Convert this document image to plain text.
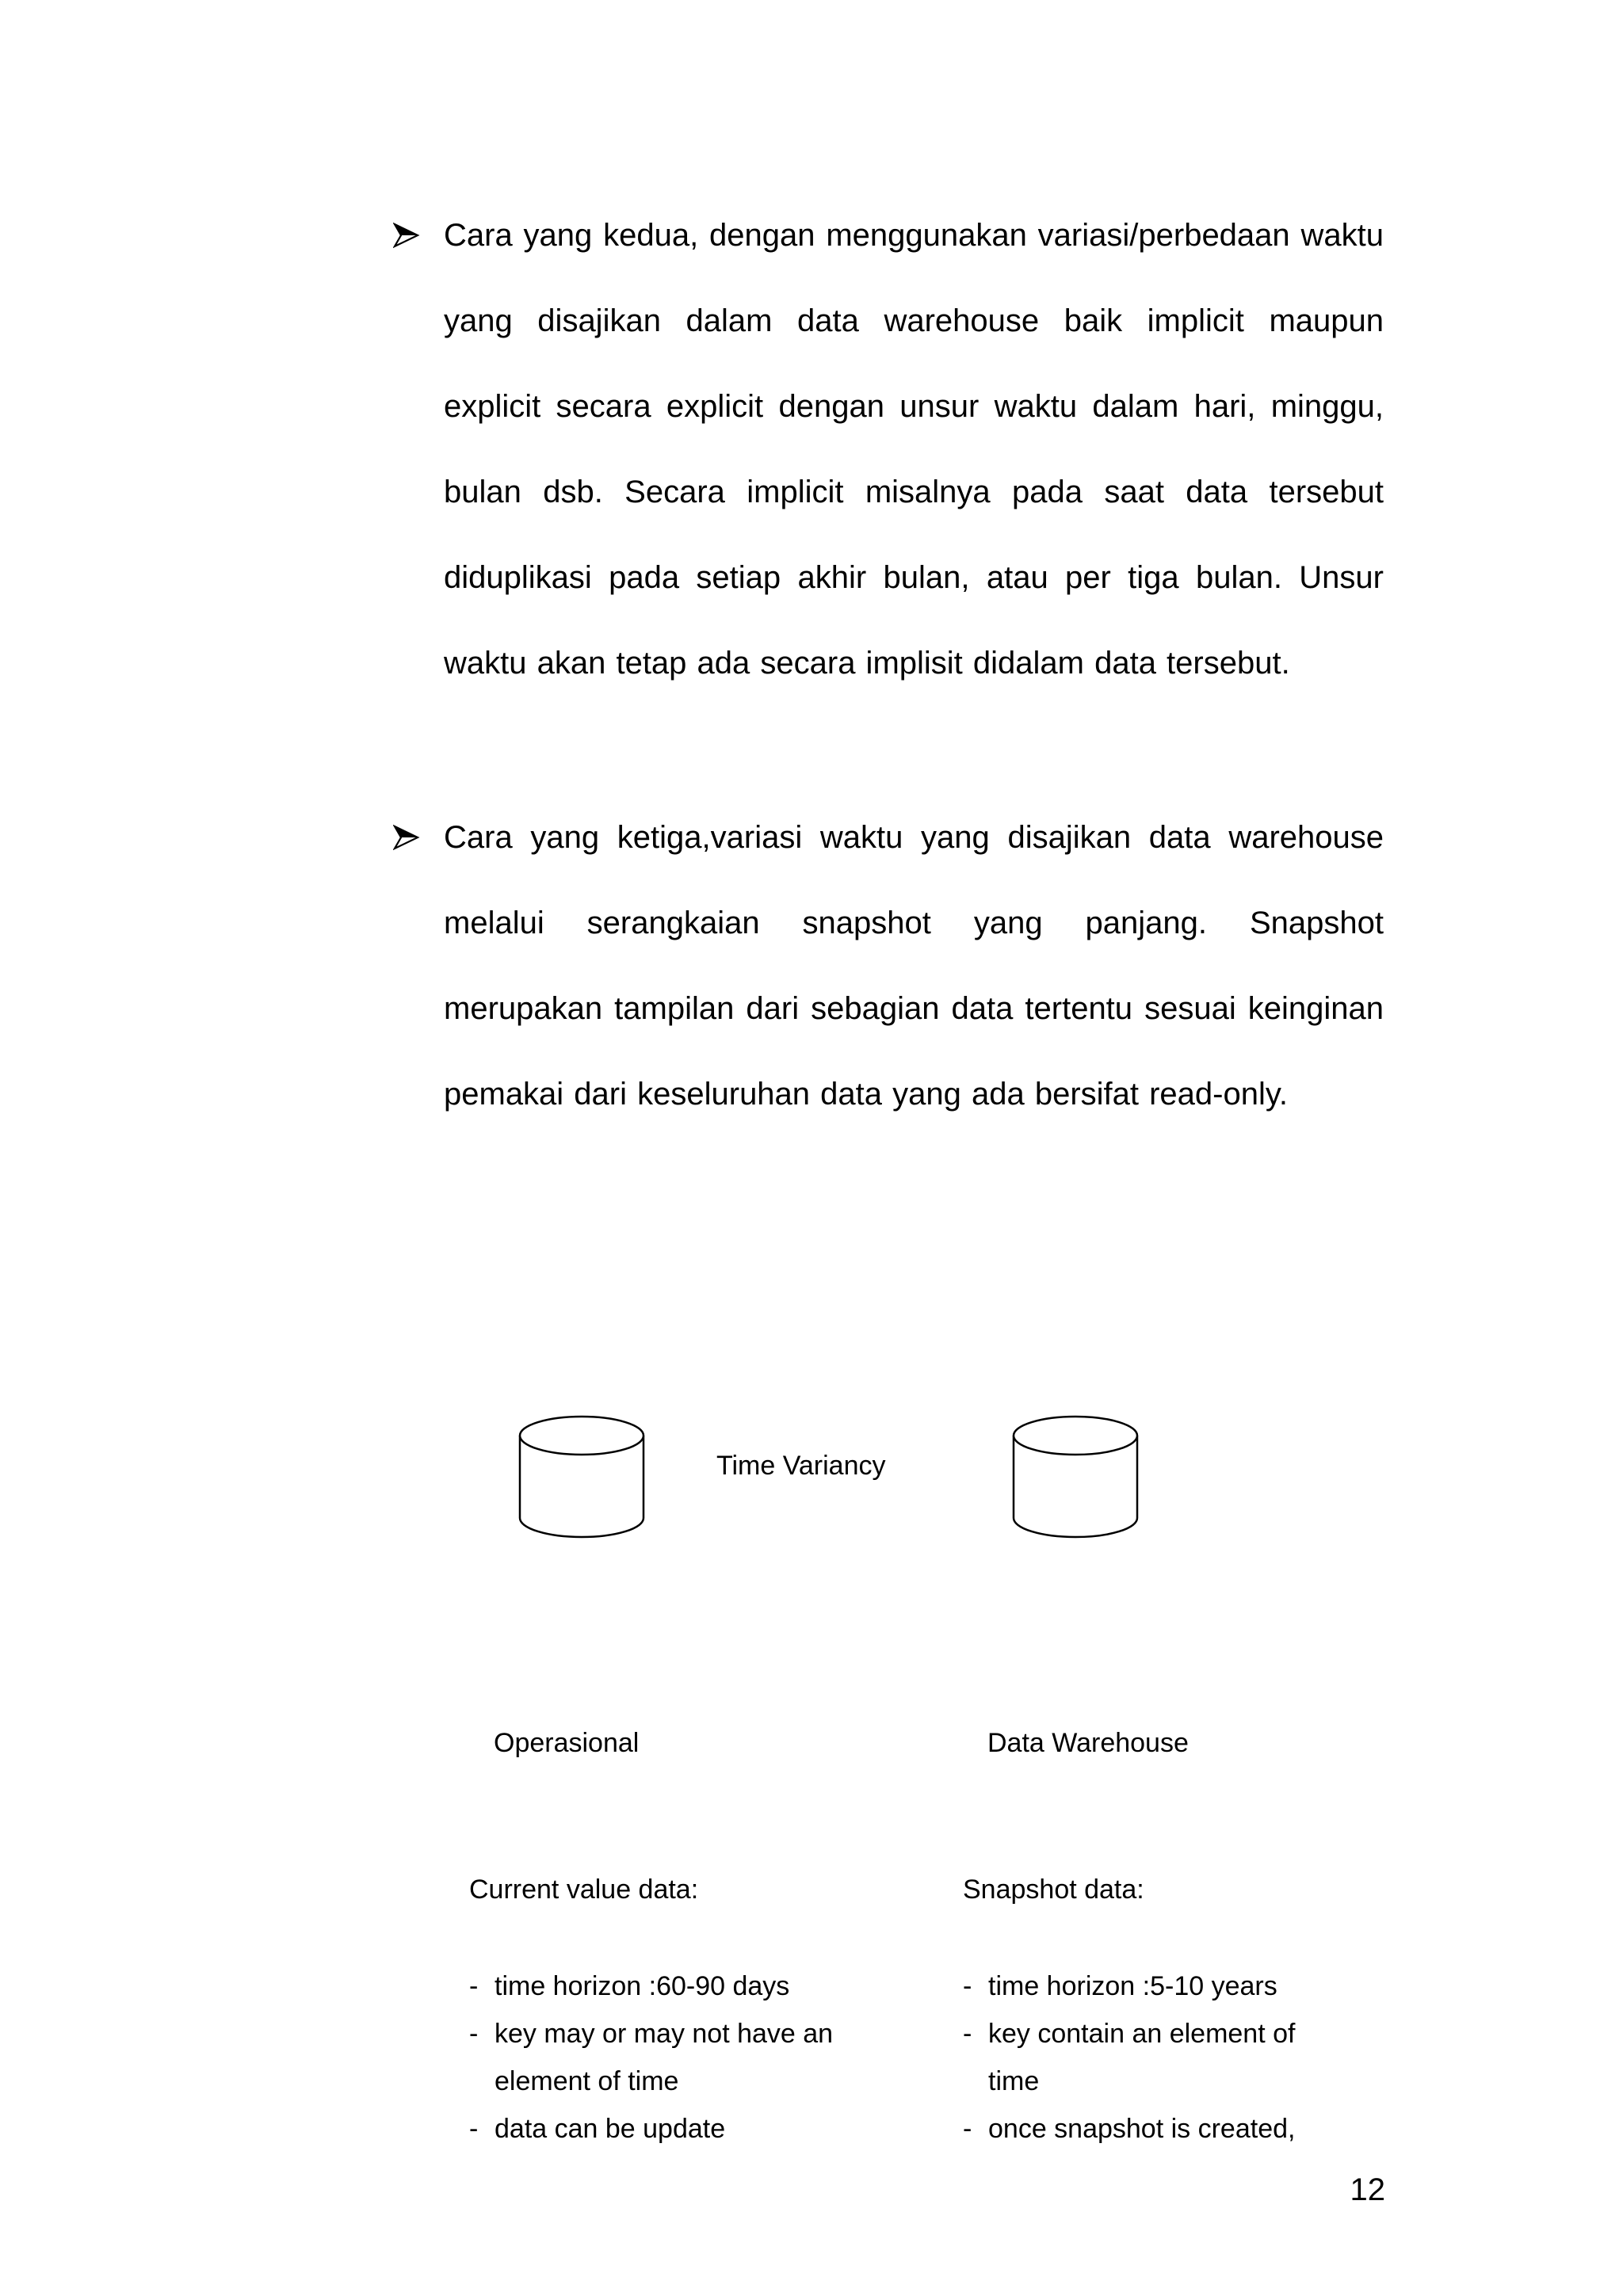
Cara yang kedua, dengan menggunakan variasi/perbedaan waktu yang disajikan dalam data warehouse baik implicit maupun explicit secara explicit dengan unsur waktu dalam hari, minggu, bulan dsb. Secara implicit misalnya pada saat data tersebut diduplikasi pada setiap akhir bulan, atau per tiga bulan. Unsur waktu akan tetap ada secara implisit didalam data tersebut.
Cara yang ketiga,variasi waktu yang disajikan data warehouse melalui serangkaian snapshot yang panjang. Snapshot merupakan tampilan dari sebagian data tertentu sesuai keinginan pemakai dari keseluruhan data yang ada bersifat read-only.
Time Variancy
Operasional	Data Warehouse
Current value data:	Snapshot data:
- time horizon :60-90 days
- key may or may not have an element of time
- data can be update
- time horizon :5-10 years
- key contain an element of time
- once snapshot is created,
12
